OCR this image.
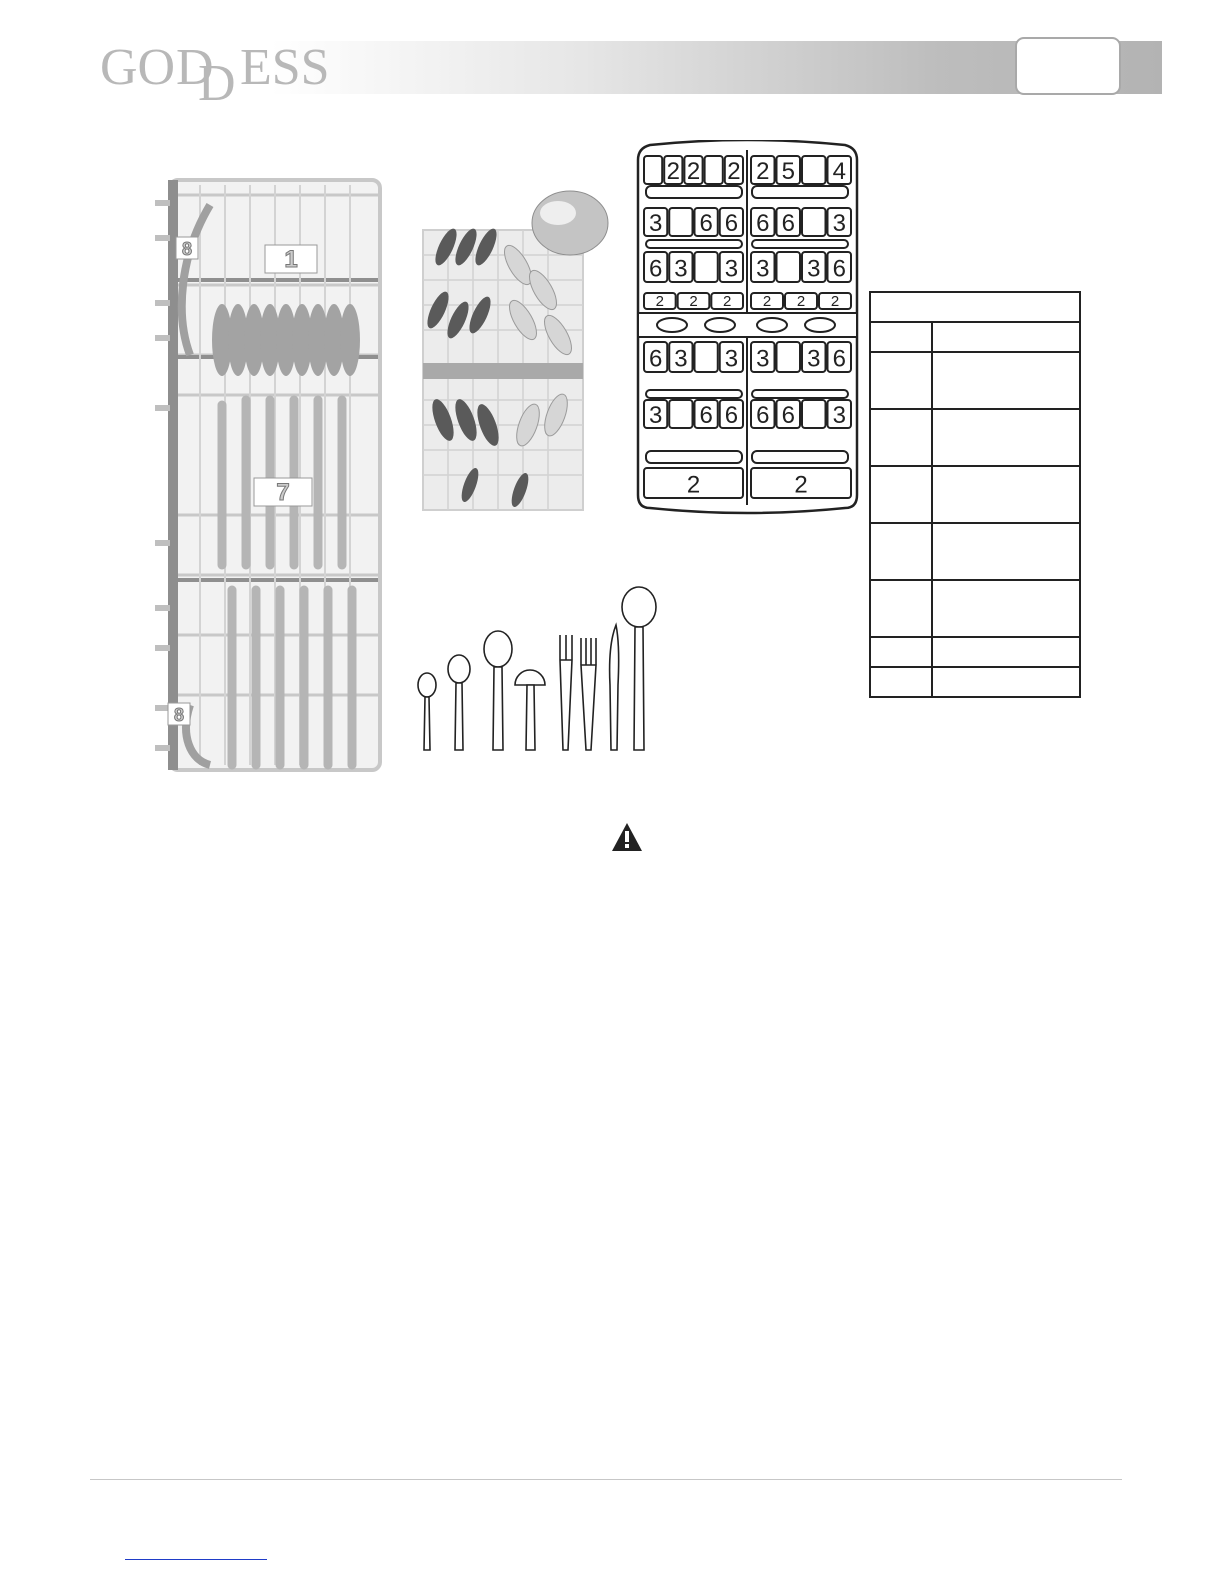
GO D
D ESS
8	1
7
8
2 2 2 2 5 4
3 6 6 6 6 3
6 3 3 3 3 6
2 2 2 2 2 2
6 3 3 3 3 6
3 6 6 6 6 3
2	2
